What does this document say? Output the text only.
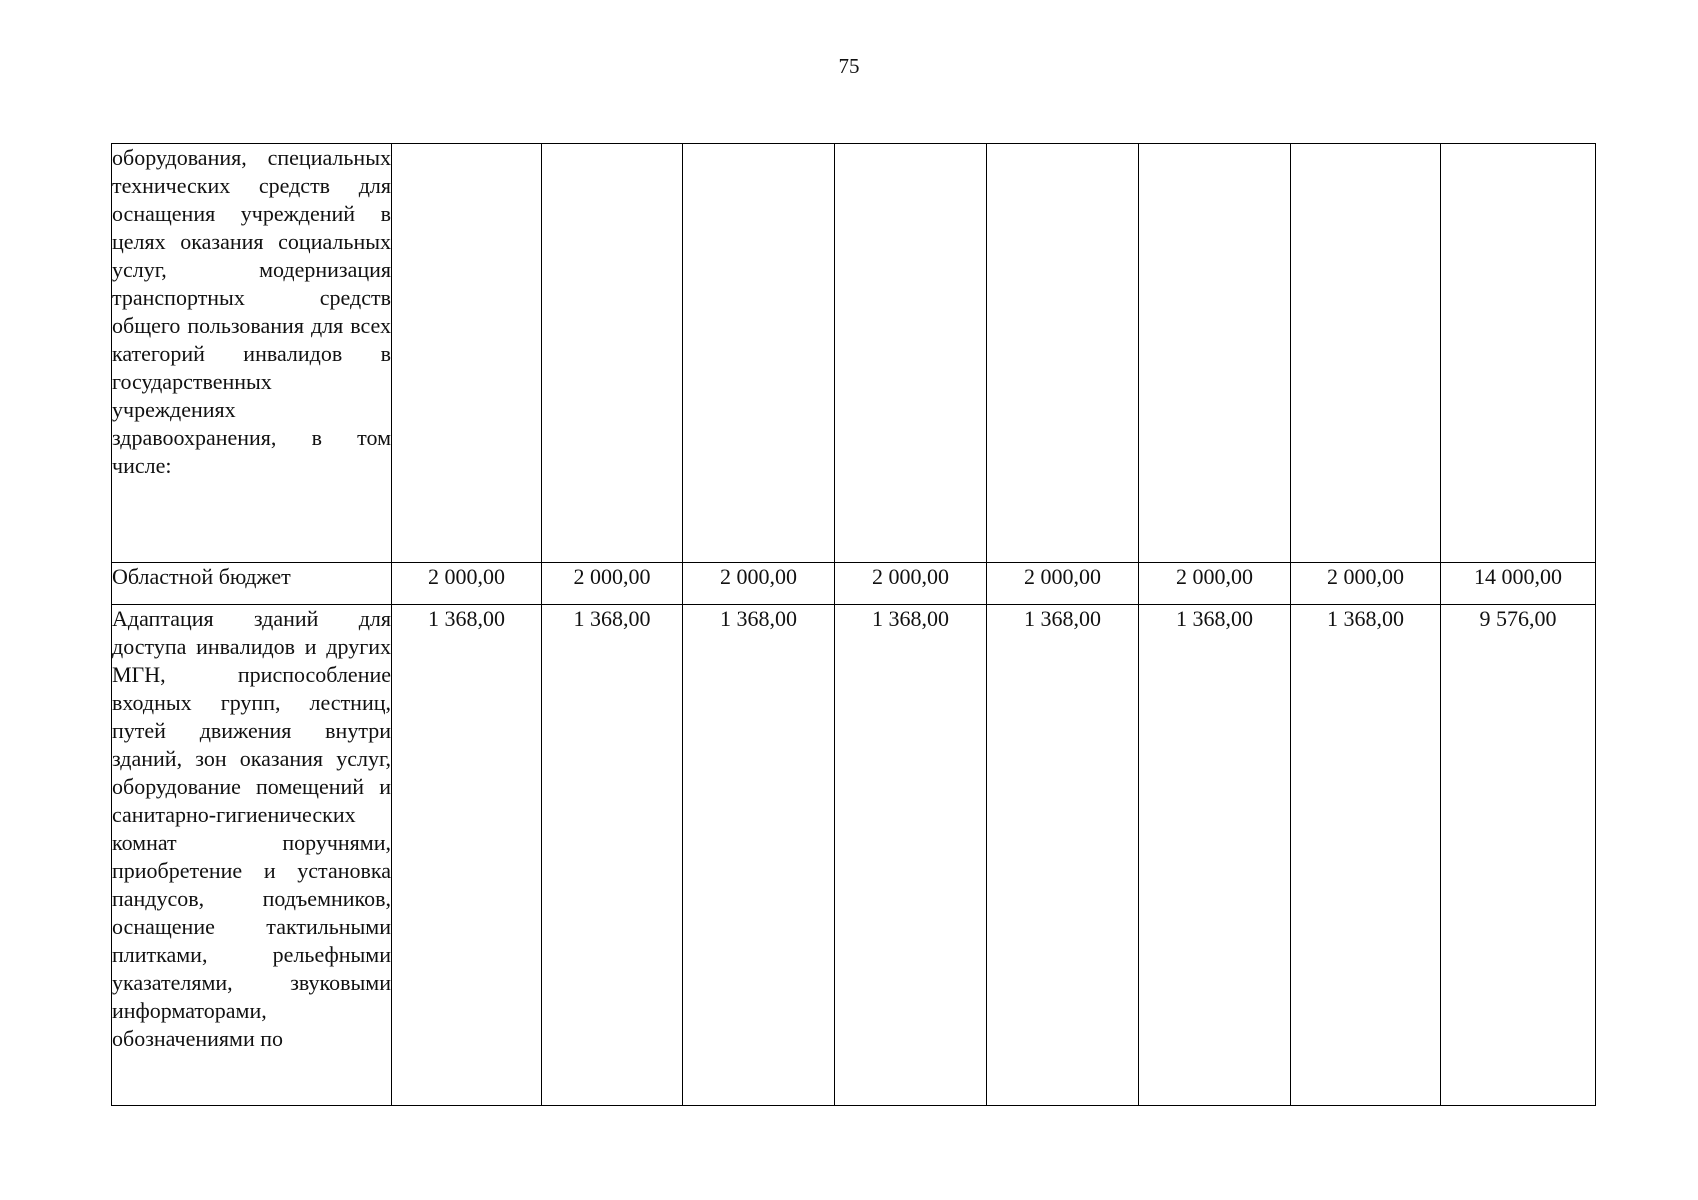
75
оборудования, специальных технических средств для оснащения учреждений в целях оказания социальных услуг, модернизация транспортных средств общего пользования для всех категорий инвалидов в государственных учреждениях здравоохранения, в том числе:								

Областной бюджет	2 000,00	2 000,00	2 000,00	2 000,00	2 000,00	2 000,00	2 000,00	14 000,00

Адаптация зданий для доступа инвалидов и других МГН, приспособление входных групп, лестниц, путей движения внутри зданий, зон оказания услуг, оборудование помещений и санитарно-гигиенических комнат поручнями, приобретение и установка пандусов, подъемников, оснащение тактильными плитками, рельефными указателями, звуковыми информаторами, обозначениями по	1 368,00	1 368,00	1 368,00	1 368,00	1 368,00	1 368,00	1 368,00	9 576,00
